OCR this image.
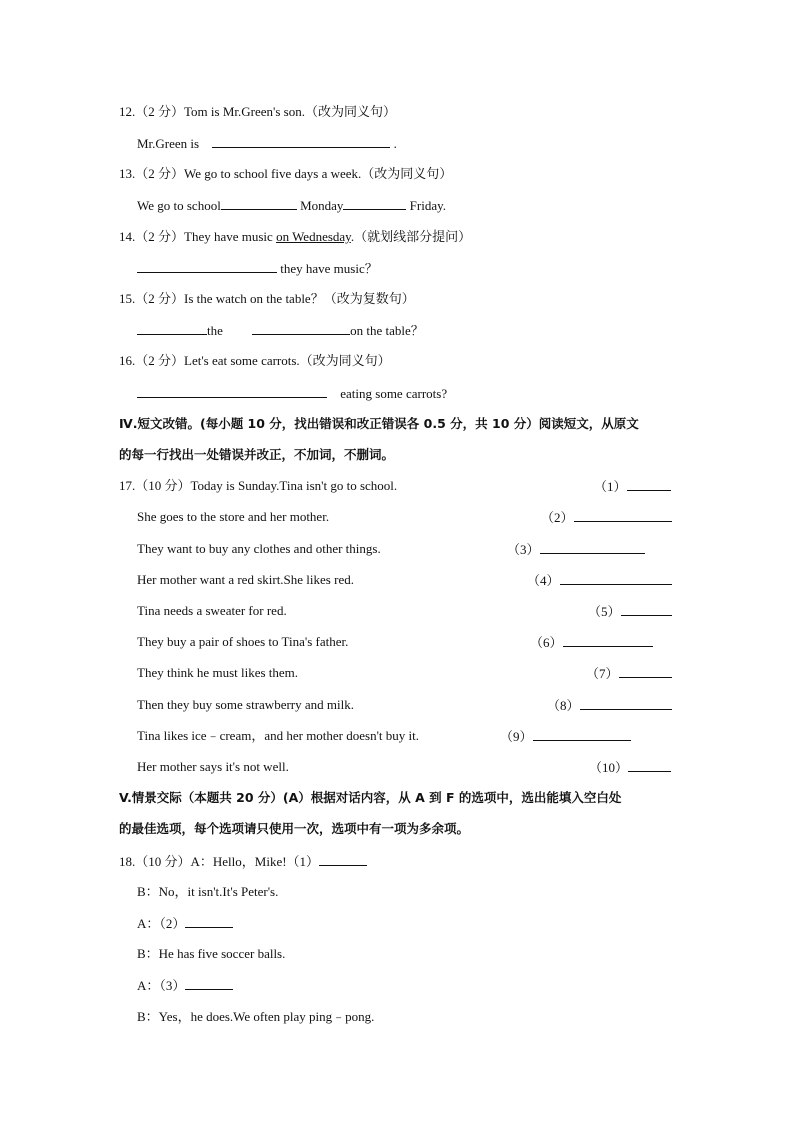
12.（2 分）Tom is Mr.Green's son.（改为同义句）
Mr.Green is	.
13.（2 分）We go to school five days a week.（改为同义句）
We go to school	Monday	Friday.
14.（2 分）They have music on Wednesday.（就划线部分提问）
they have music？
15.（2 分）Is the watch on the table？（改为复数句）
the	on the table？
16.（2 分）Let's eat some carrots.（改为同义句）
eating some carrots?
Ⅳ.短文改错。(每小题 10 分，找出错误和改正错误各 0.5 分，共 10 分）阅读短文，从原文
的每一行找出一处错误并改正，不加词，不删词。
17.（10 分）Today is Sunday.Tina isn't go to school.	（1）
She goes to the store and her mother.	（2）
They want to buy any clothes and other things.	（3）
Her mother want a red skirt.She likes red.	（4）
Tina needs a sweater for red.	（5）
They buy a pair of shoes to Tina's father.	（6）
They think he must likes them.	（7）
Then they buy some strawberry and milk.	（8）
Tina likes ice﹣cream，and her mother doesn't buy it.	（9）
Her mother says it's not well.	（10）
V.情景交际（本题共 20 分）(A）根据对话内容，从 A 到 F 的选项中，选出能填入空白处
的最佳选项，每个选项请只使用一次，选项中有一项为多余项。
18.（10 分）A：Hello，Mike!（1）
B：No，it isn't.It's Peter's.
A：（2）
B：He has five soccer balls.
A：（3）
B：Yes，he does.We often play ping﹣pong.
